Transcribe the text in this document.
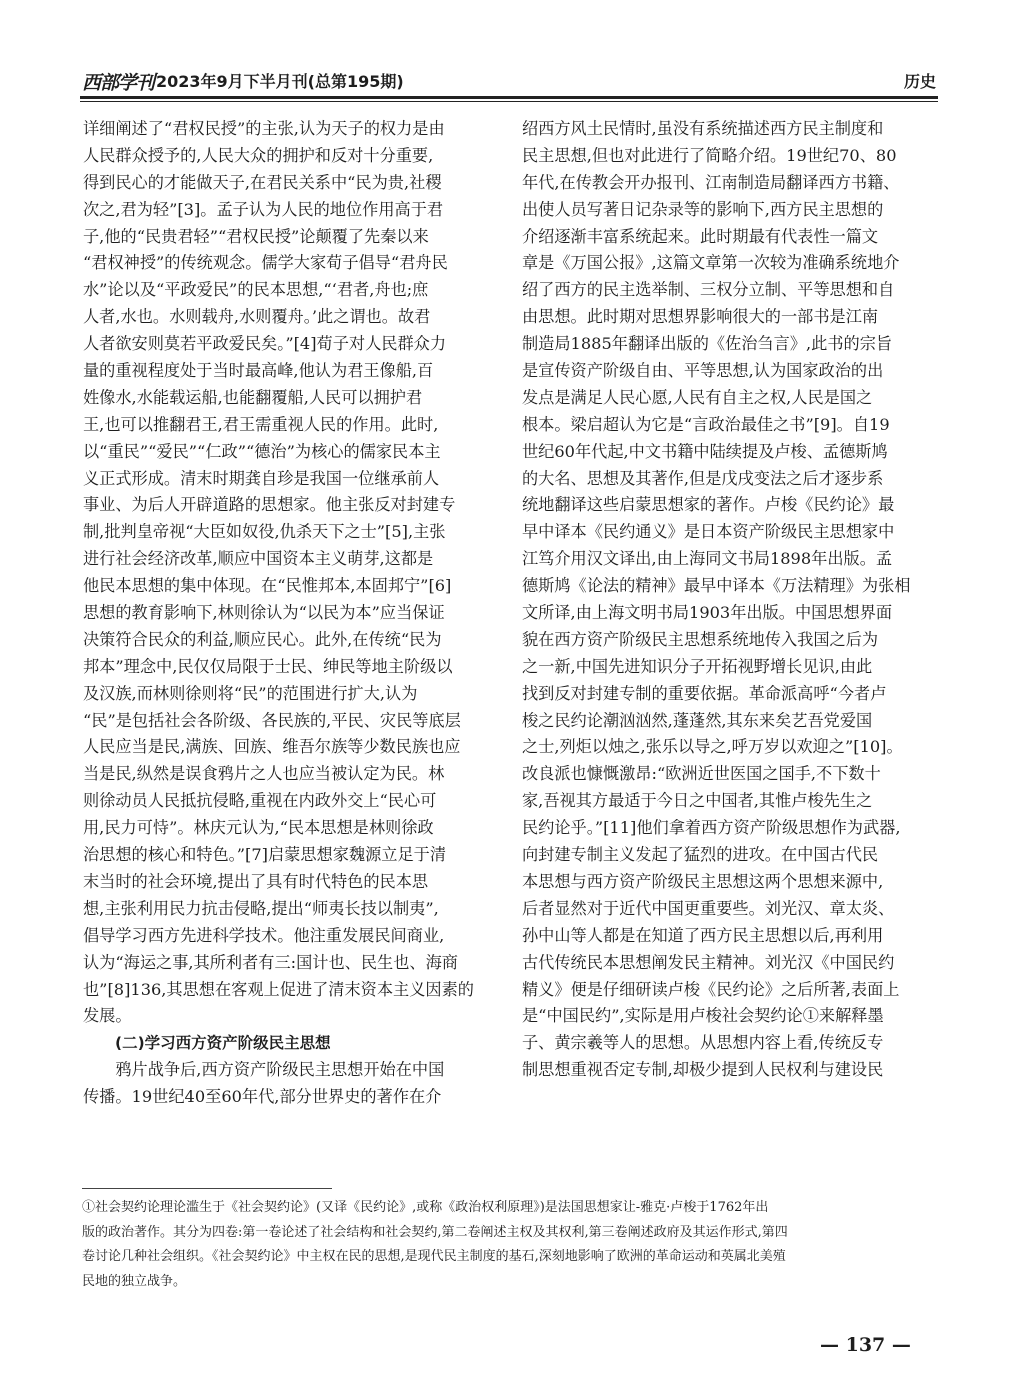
西部学刊 2023年9月下半月刊(总第195期)	历史
详细阐述了“君权民授”的主张,认为天子的权力是由
人民群众授予的,人民大众的拥护和反对十分重要,
得到民心的才能做天子,在君民关系中“民为贵,社稷
次之,君为轻”[3]。孟子认为人民的地位作用高于君
子,他的“民贵君轻”“君权民授”论颠覆了先秦以来
“君权神授”的传统观念。儒学大家荀子倡导“君舟民
水”论以及“平政爱民”的民本思想,“‘君者,舟也;庶
人者,水也。水则载舟,水则覆舟。’此之谓也。故君
人者欲安则莫若平政爱民矣。”[4]荀子对人民群众力
量的重视程度处于当时最高峰,他认为君王像船,百
姓像水,水能载运船,也能翻覆船,人民可以拥护君
王,也可以推翻君王,君王需重视人民的作用。此时,
以“重民”“爱民”“仁政”“德治”为核心的儒家民本主
义正式形成。清末时期龚自珍是我国一位继承前人
事业、为后人开辟道路的思想家。他主张反对封建专
制,批判皇帝视“大臣如奴役,仇杀天下之士”[5],主张
进行社会经济改革,顺应中国资本主义萌芽,这都是
他民本思想的集中体现。在“民惟邦本,本固邦宁”[6]
思想的教育影响下,林则徐认为“以民为本”应当保证
决策符合民众的利益,顺应民心。此外,在传统“民为
邦本”理念中,民仅仅局限于士民、绅民等地主阶级以
及汉族,而林则徐则将“民”的范围进行扩大,认为
“民”是包括社会各阶级、各民族的,平民、灾民等底层
人民应当是民,满族、回族、维吾尔族等少数民族也应
当是民,纵然是误食鸦片之人也应当被认定为民。林
则徐动员人民抵抗侵略,重视在内政外交上“民心可
用,民力可恃”。林庆元认为,“民本思想是林则徐政
治思想的核心和特色。”[7]启蒙思想家魏源立足于清
末当时的社会环境,提出了具有时代特色的民本思
想,主张利用民力抗击侵略,提出“师夷长技以制夷”,
倡导学习西方先进科学技术。他注重发展民间商业,
认为“海运之事,其所利者有三:国计也、民生也、海商
也”[8]136,其思想在客观上促进了清末资本主义因素的
发展。
(二)学习西方资产阶级民主思想
　　鸦片战争后,西方资产阶级民主思想开始在中国
传播。19世纪40至60年代,部分世界史的著作在介
绍西方风土民情时,虽没有系统描述西方民主制度和
民主思想,但也对此进行了简略介绍。19世纪70、80
年代,在传教会开办报刊、江南制造局翻译西方书籍、
出使人员写著日记杂录等的影响下,西方民主思想的
介绍逐渐丰富系统起来。此时期最有代表性一篇文
章是《万国公报》,这篇文章第一次较为准确系统地介
绍了西方的民主选举制、三权分立制、平等思想和自
由思想。此时期对思想界影响很大的一部书是江南
制造局1885年翻译出版的《佐治刍言》,此书的宗旨
是宣传资产阶级自由、平等思想,认为国家政治的出
发点是满足人民心愿,人民有自主之权,人民是国之
根本。梁启超认为它是“言政治最佳之书”[9]。自19
世纪60年代起,中文书籍中陆续提及卢梭、孟德斯鸠
的大名、思想及其著作,但是戊戌变法之后才逐步系
统地翻译这些启蒙思想家的著作。卢梭《民约论》最
早中译本《民约通义》是日本资产阶级民主思想家中
江笃介用汉文译出,由上海同文书局1898年出版。孟
德斯鸠《论法的精神》最早中译本《万法精理》为张相
文所译,由上海文明书局1903年出版。中国思想界面
貌在西方资产阶级民主思想系统地传入我国之后为
之一新,中国先进知识分子开拓视野增长见识,由此
找到反对封建专制的重要依据。革命派高呼“今者卢
梭之民约论潮汹汹然,蓬蓬然,其东来矣艺吾党爱国
之士,列炬以烛之,张乐以导之,呼万岁以欢迎之”[10]。
改良派也慷慨激昂:“欧洲近世医国之国手,不下数十
家,吾视其方最适于今日之中国者,其惟卢梭先生之
民约论乎。”[11]他们拿着西方资产阶级思想作为武器,
向封建专制主义发起了猛烈的进攻。在中国古代民
本思想与西方资产阶级民主思想这两个思想来源中,
后者显然对于近代中国更重要些。刘光汉、章太炎、
孙中山等人都是在知道了西方民主思想以后,再利用
古代传统民本思想阐发民主精神。刘光汉《中国民约
精义》便是仔细研读卢梭《民约论》之后所著,表面上
是“中国民约”,实际是用卢梭社会契约论①来解释墨
子、黄宗羲等人的思想。从思想内容上看,传统反专
制思想重视否定专制,却极少提到人民权利与建设民
①社会契约论理论滥生于《社会契约论》(又译《民约论》,或称《政治权利原理》)是法国思想家让-雅克·卢梭于1762年出
版的政治著作。其分为四卷:第一卷论述了社会结构和社会契约,第二卷阐述主权及其权利,第三卷阐述政府及其运作形式,第四
卷讨论几种社会组织。《社会契约论》中主权在民的思想,是现代民主制度的基石,深刻地影响了欧洲的革命运动和英属北美殖
民地的独立战争。
— 137 —
